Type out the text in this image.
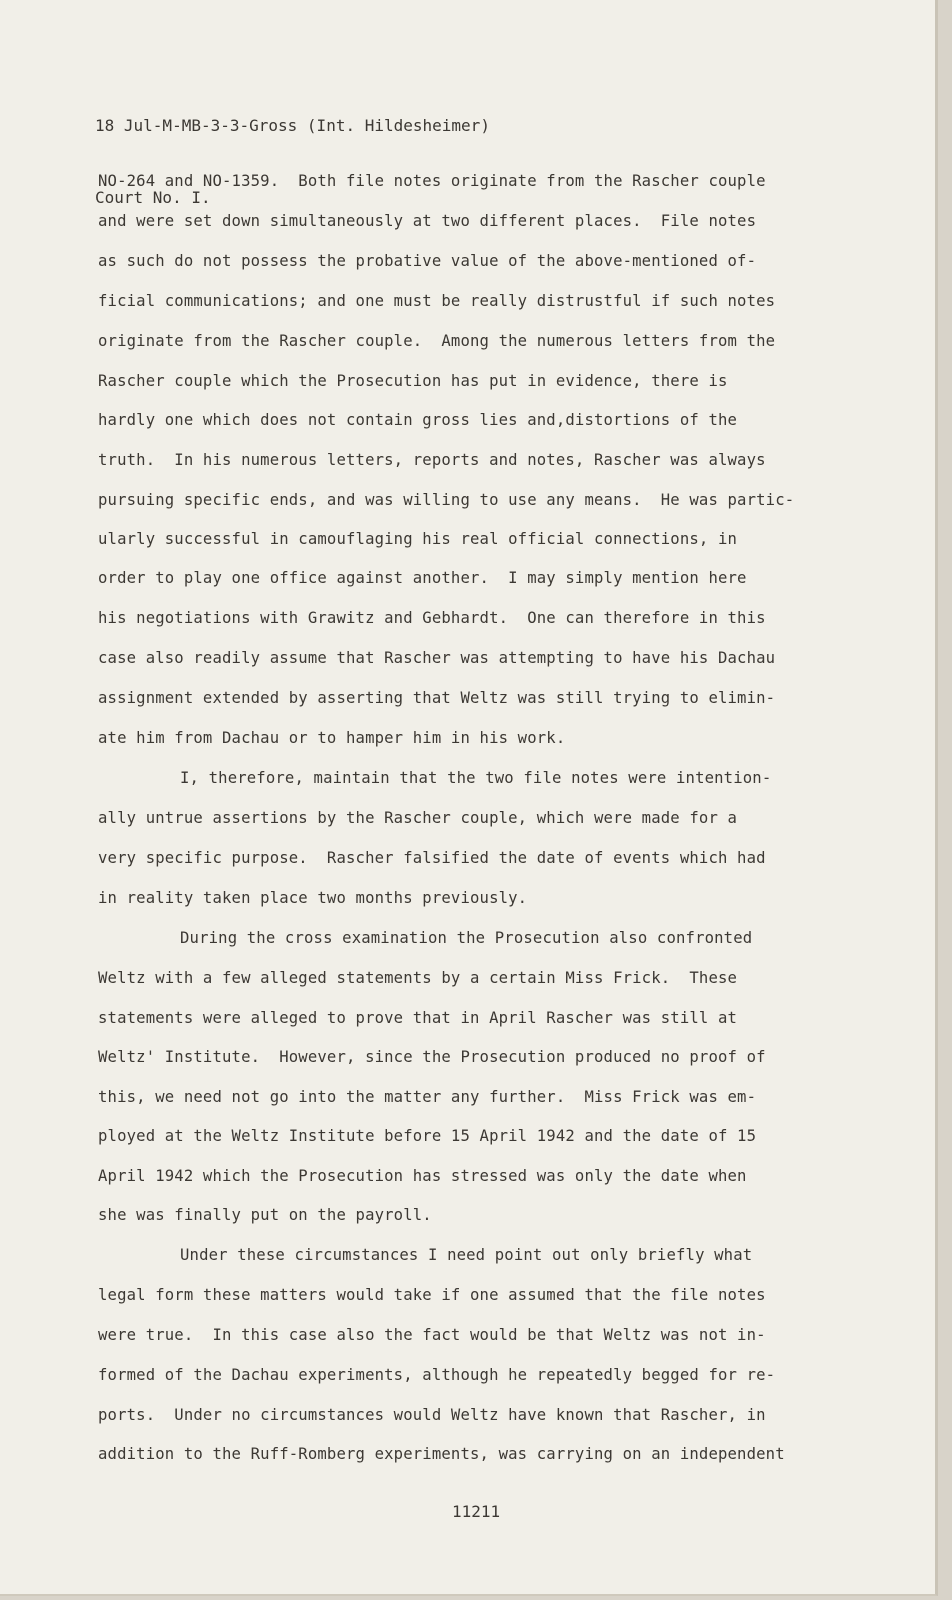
18 Jul-M-MB-3-3-Gross (Int. Hildesheimer)

Court No. I.

NO-264 and NO-1359.  Both file notes originate from the Rascher couple
and were set down simultaneously at two different places.  File notes
as such do not possess the probative value of the above-mentioned of-
ficial communications; and one must be really distrustful if such notes
originate from the Rascher couple.  Among the numerous letters from the
Rascher couple which the Prosecution has put in evidence, there is
hardly one which does not contain gross lies and,distortions of the
truth.  In his numerous letters, reports and notes, Rascher was always
pursuing specific ends, and was willing to use any means.  He was partic-
ularly successful in camouflaging his real official connections, in
order to play one office against another.  I may simply mention here
his negotiations with Grawitz and Gebhardt.  One can therefore in this
case also readily assume that Rascher was attempting to have his Dachau
assignment extended by asserting that Weltz was still trying to elimin-
ate him from Dachau or to hamper him in his work.
I, therefore, maintain that the two file notes were intention-
ally untrue assertions by the Rascher couple, which were made for a
very specific purpose.  Rascher falsified the date of events which had
in reality taken place two months previously.
During the cross examination the Prosecution also confronted
Weltz with a few alleged statements by a certain Miss Frick.  These
statements were alleged to prove that in April Rascher was still at
Weltz' Institute.  However, since the Prosecution produced no proof of
this, we need not go into the matter any further.  Miss Frick was em-
ployed at the Weltz Institute before 15 April 1942 and the date of 15
April 1942 which the Prosecution has stressed was only the date when
she was finally put on the payroll.
Under these circumstances I need point out only briefly what
legal form these matters would take if one assumed that the file notes
were true.  In this case also the fact would be that Weltz was not in-
formed of the Dachau experiments, although he repeatedly begged for re-
ports.  Under no circumstances would Weltz have known that Rascher, in
addition to the Ruff-Romberg experiments, was carrying on an independent
11211
